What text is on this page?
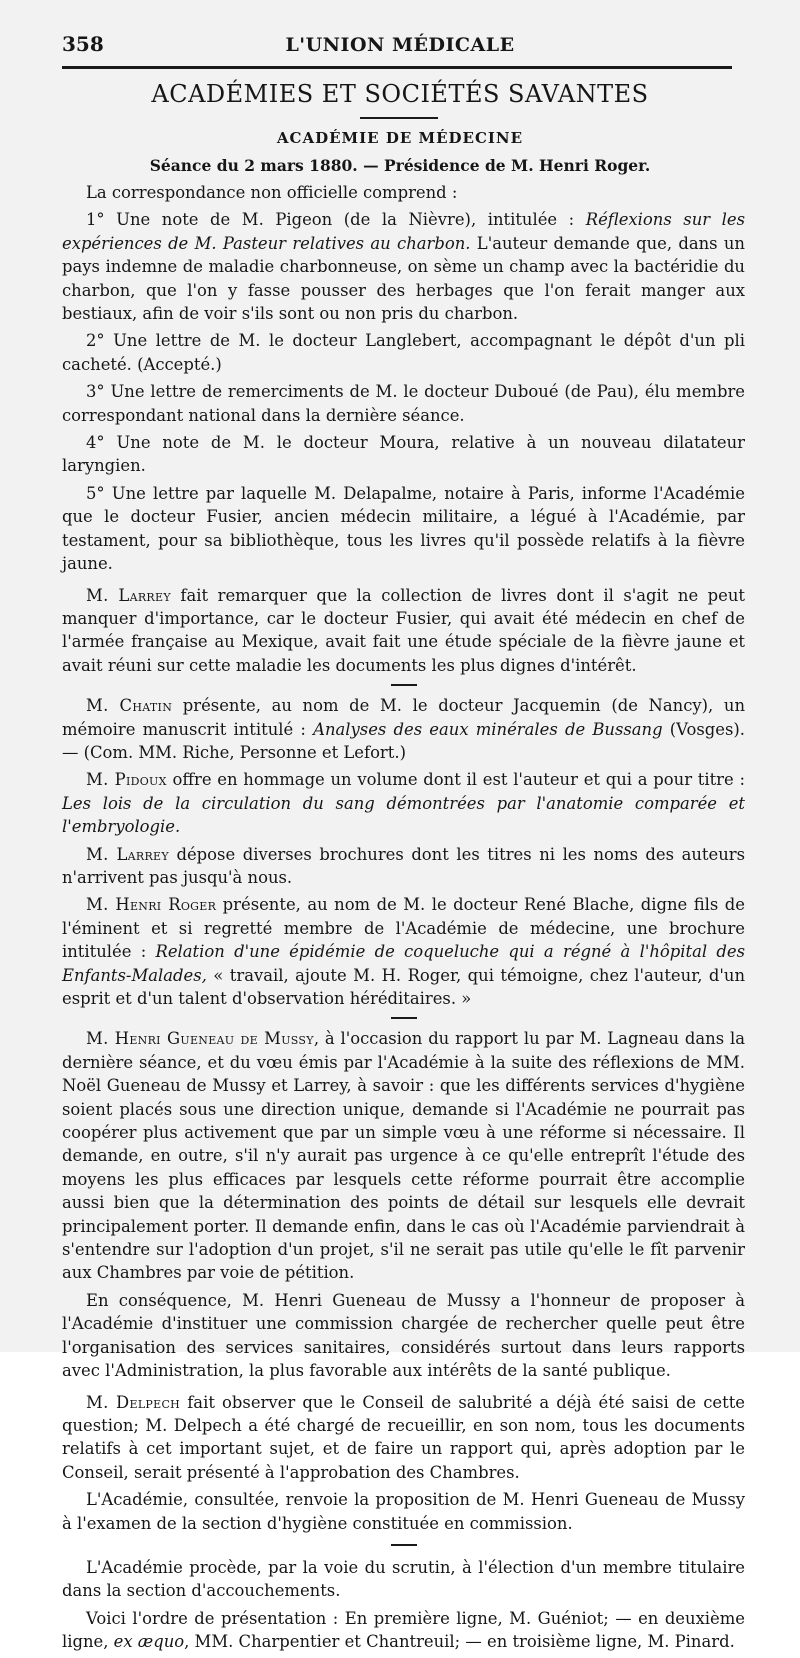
358	L'UNION MÉDICALE
ACADÉMIES ET SOCIÉTÉS SAVANTES
ACADÉMIE DE MÉDECINE
Séance du 2 mars 1880. — Présidence de M. Henri Roger.

La correspondance non officielle comprend :

1° Une note de M. Pigeon (de la Nièvre), intitulée : Réflexions sur les expériences de M. Pasteur relatives au charbon. L'auteur demande que, dans un pays indemne de maladie charbonneuse, on sème un champ avec la bactéridie du charbon, que l'on y fasse pousser des herbages que l'on ferait manger aux bestiaux, afin de voir s'ils sont ou non pris du charbon.

2° Une lettre de M. le docteur Langlebert, accompagnant le dépôt d'un pli cacheté. (Accepté.)

3° Une lettre de remerciments de M. le docteur Duboué (de Pau), élu membre correspondant national dans la dernière séance.

4° Une note de M. le docteur Moura, relative à un nouveau dilatateur laryngien.

5° Une lettre par laquelle M. Delapalme, notaire à Paris, informe l'Académie que le docteur Fusier, ancien médecin militaire, a légué à l'Académie, par testament, pour sa bibliothèque, tous les livres qu'il possède relatifs à la fièvre jaune.

M. Larrey fait remarquer que la collection de livres dont il s'agit ne peut manquer d'importance, car le docteur Fusier, qui avait été médecin en chef de l'armée française au Mexique, avait fait une étude spéciale de la fièvre jaune et avait réuni sur cette maladie les documents les plus dignes d'intérêt.

M. Chatin présente, au nom de M. le docteur Jacquemin (de Nancy), un mémoire manuscrit intitulé : Analyses des eaux minérales de Bussang (Vosges). — (Com. MM. Riche, Personne et Lefort.)

M. Pidoux offre en hommage un volume dont il est l'auteur et qui a pour titre : Les lois de la circulation du sang démontrées par l'anatomie comparée et l'embryologie.

M. Larrey dépose diverses brochures dont les titres ni les noms des auteurs n'arrivent pas jusqu'à nous.

M. Henri Roger présente, au nom de M. le docteur René Blache, digne fils de l'éminent et si regretté membre de l'Académie de médecine, une brochure intitulée : Relation d'une épidémie de coqueluche qui a régné à l'hôpital des Enfants-Malades, « travail, ajoute M. H. Roger, qui témoigne, chez l'auteur, d'un esprit et d'un talent d'observation héréditaires. »

M. Henri Gueneau de Mussy, à l'occasion du rapport lu par M. Lagneau dans la dernière séance, et du vœu émis par l'Académie à la suite des réflexions de MM. Noël Gueneau de Mussy et Larrey, à savoir : que les différents services d'hygiène soient placés sous une direction unique, demande si l'Académie ne pourrait pas coopérer plus activement que par un simple vœu à une réforme si nécessaire. Il demande, en outre, s'il n'y aurait pas urgence à ce qu'elle entreprît l'étude des moyens les plus efficaces par lesquels cette réforme pourrait être accomplie aussi bien que la détermination des points de détail sur lesquels elle devrait principalement porter. Il demande enfin, dans le cas où l'Académie parviendrait à s'entendre sur l'adoption d'un projet, s'il ne serait pas utile qu'elle le fît parvenir aux Chambres par voie de pétition.

En conséquence, M. Henri Gueneau de Mussy a l'honneur de proposer à l'Académie d'instituer une commission chargée de rechercher quelle peut être l'organisation des services sanitaires, considérés surtout dans leurs rapports avec l'Administration, la plus favorable aux intérêts de la santé publique.

M. Delpech fait observer que le Conseil de salubrité a déjà été saisi de cette question; M. Delpech a été chargé de recueillir, en son nom, tous les documents relatifs à cet important sujet, et de faire un rapport qui, après adoption par le Conseil, serait présenté à l'approbation des Chambres.

L'Académie, consultée, renvoie la proposition de M. Henri Gueneau de Mussy à l'examen de la section d'hygiène constituée en commission.

L'Académie procède, par la voie du scrutin, à l'élection d'un membre titulaire dans la section d'accouchements.

Voici l'ordre de présentation : En première ligne, M. Guéniot; — en deuxième ligne, ex æquo, MM. Charpentier et Chantreuil; — en troisième ligne, M. Pinard.
